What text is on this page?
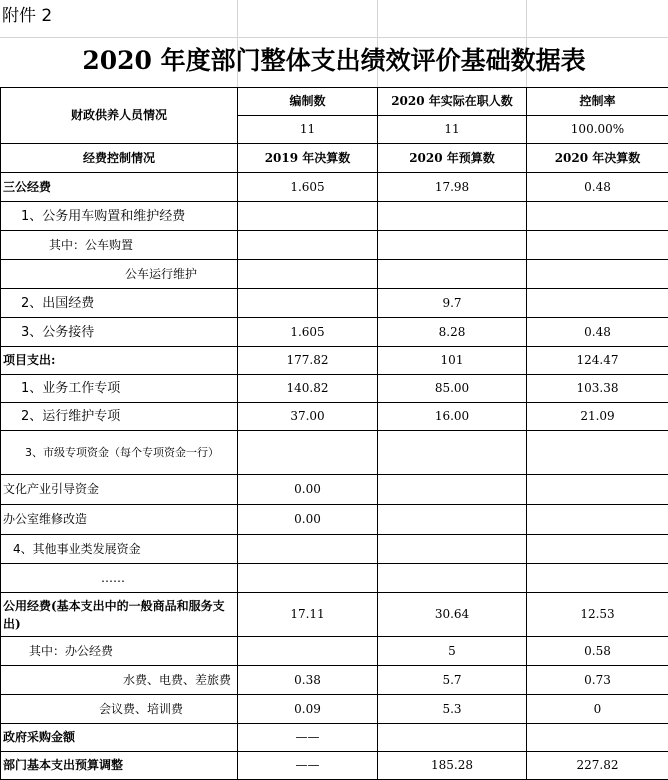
附件 2
2020 年度部门整体支出绩效评价基础数据表
财政供养人员情况	编制数	2020 年实际在职人数	控制率
	11	11	100.00%
经费控制情况	2019 年决算数	2020 年预算数	2020 年决算数
三公经费	1.605	17.98	0.48
1、公务用车购置和维护经费			
其中：公车购置			
公车运行维护			
2、出国经费		9.7	
3、公务接待	1.605	8.28	0.48
项目支出:	177.82	101	124.47
1、业务工作专项	140.82	85.00	103.38
2、运行维护专项	37.00	16.00	21.09
3、市级专项资金（每个专项资金一行）			
文化产业引导资金	0.00		
办公室维修改造	0.00		
4、其他事业类发展资金			
……			
公用经费(基本支出中的一般商品和服务支出)	17.11	30.64	12.53
其中：办公经费		5	0.58
水费、电费、差旅费	0.38	5.7	0.73
会议费、培训费	0.09	5.3	0
政府采购金额	——		
部门基本支出预算调整	——	185.28	227.82
